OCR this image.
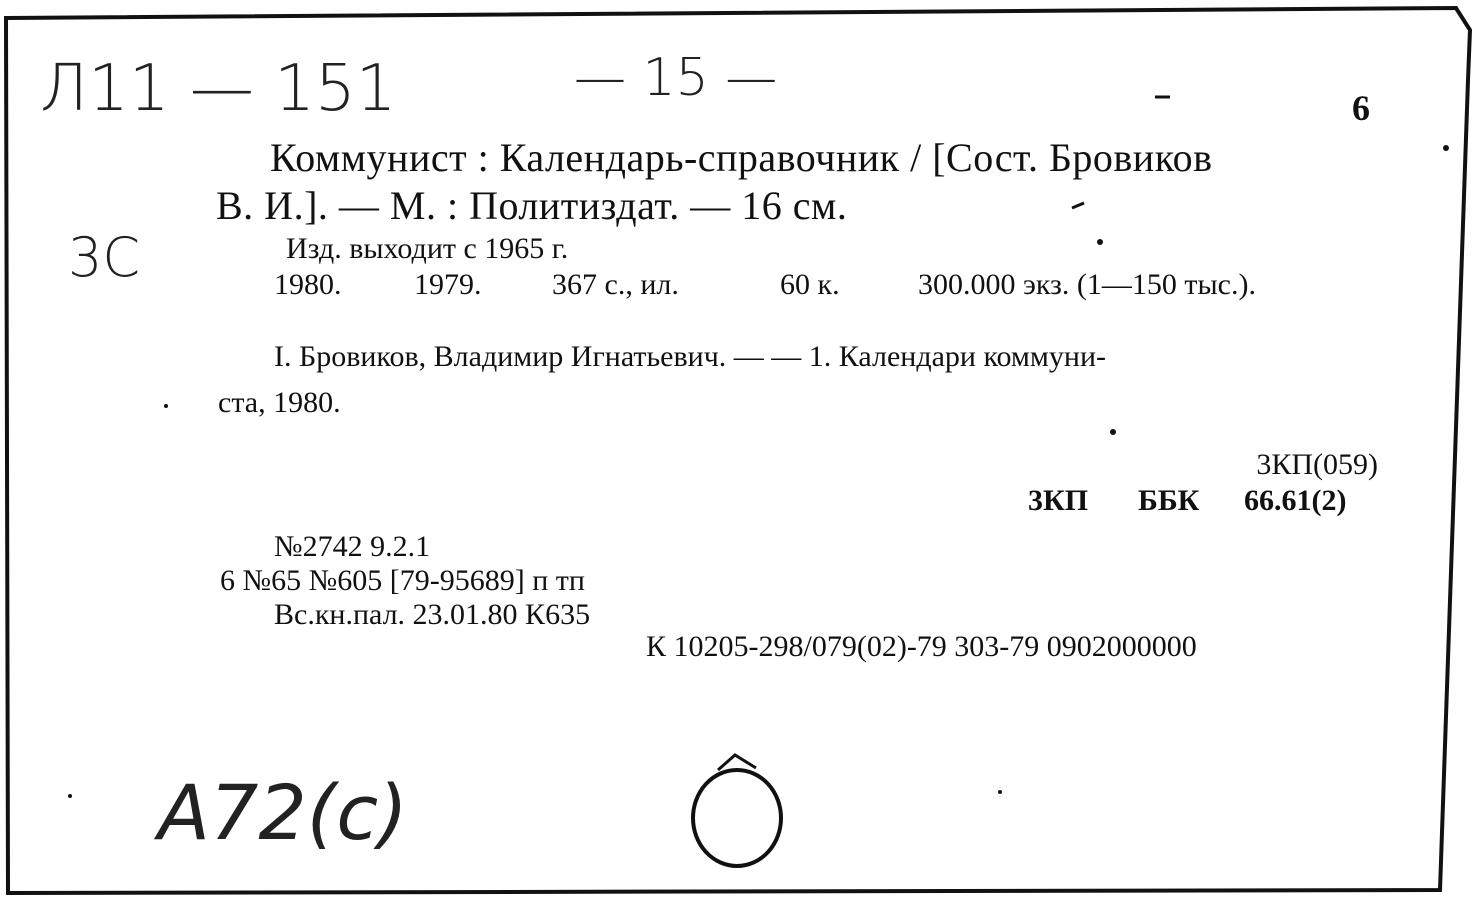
Л11 — 151
3С
А72(с)
— 15 —	6
Коммунист : Календарь-справочник / [Сост. Бровиков
В. И.]. — М. : Политиздат. — 16 см.
Изд. выходит с 1965 г.
1980. 1979. 367 с., ил.	60 к.	300.000 экз. (1—150 тыс.).
I. Бровиков, Владимир Игнатьевич. — — 1. Календари коммуни-
ста, 1980.
3КП(059)
3КП ББК 66.61(2)
№2742 9.2.1
6 №65 №605 [79-95689] п тп
Вс.кн.пал. 23.01.80 К635
К 10205-298/079(02)-79 303-79 0902000000
